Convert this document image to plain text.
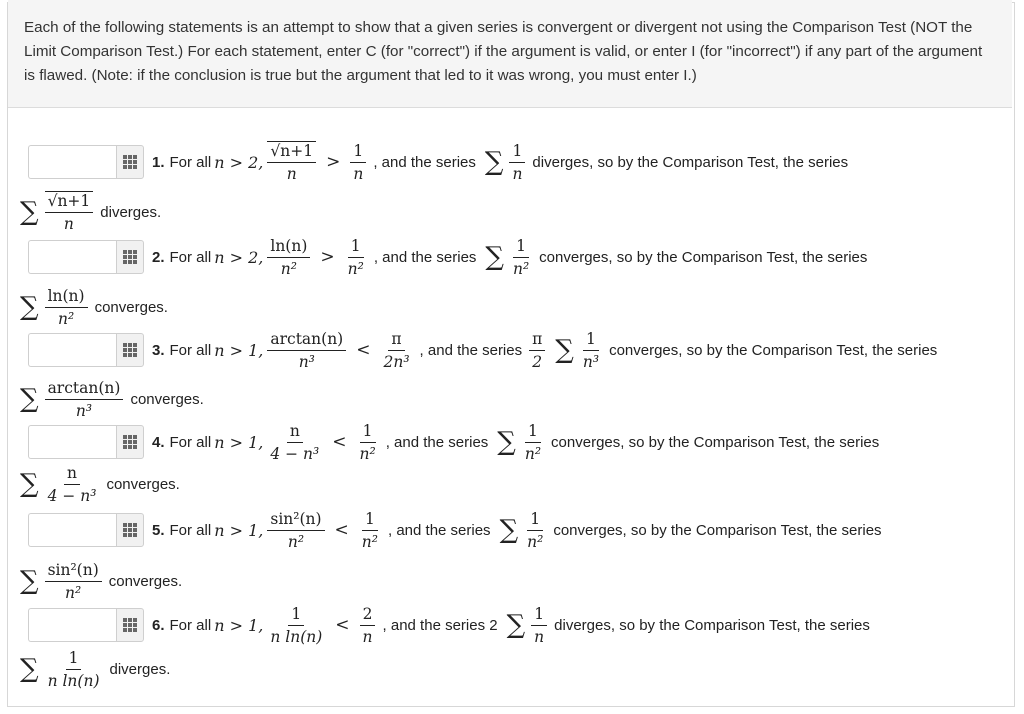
Each of the following statements is an attempt to show that a given series is convergent or divergent not using the Comparison Test (NOT the Limit Comparison Test.) For each statement, enter C (for "correct") if the argument is valid, or enter I (for "incorrect") if any part of the argument is flawed. (Note: if the conclusion is true but the argument that led to it was wrong, you must enter I.)
1. For all n > 2, $\frac{√n+1}{n} > \frac{1}{n}$ , and the series ∑ $\frac{1}{n}$ diverges, so by the Comparison Test, the series
∑ $\frac{√n+1}{n}$ diverges.
2. For all n > 2, $\frac{\ln(n)}{\text{n²}} > \frac{1}{\text{n²}}$ , and the series ∑ $\frac{1}{\text{n²}}$ converges, so by the Comparison Test, the series
∑ $\frac{\ln(n)}{\text{n²}}$ converges.
3. For all n > 1, $\frac{\arctan(n)}{\text{n³}} < \frac{\pi}{\text{2n³}}$ , and the series $\frac{\pi}{2}$ ∑ $\frac{1}{\text{n³}}$ converges, so by the Comparison Test, the series
∑ $\frac{\arctan(n)}{\text{n³}}$ converges.
4. For all n > 1, $\frac{n}{\text{4 − n³}} < \frac{1}{\text{n²}}$ , and the series ∑ $\frac{1}{\text{n²}}$ converges, so by the Comparison Test, the series
∑ $\frac{n}{\text{4 − n³}}$ converges.
5. For all n > 1, $\frac{\text{sin²(n)}}{\text{n²}} < \frac{1}{\text{n²}}$ , and the series ∑ $\frac{1}{\text{n²}}$ converges, so by the Comparison Test, the series
∑ $\frac{\text{sin²(n)}}{\text{n²}}$ converges.
6. For all n > 1, $\frac{1}{\text{n ln(n)}} < \frac{2}{n}$ , and the series 2 ∑ $\frac{1}{n}$ diverges, so by the Comparison Test, the series
∑ $\frac{1}{\text{n ln(n)}}$ diverges.
